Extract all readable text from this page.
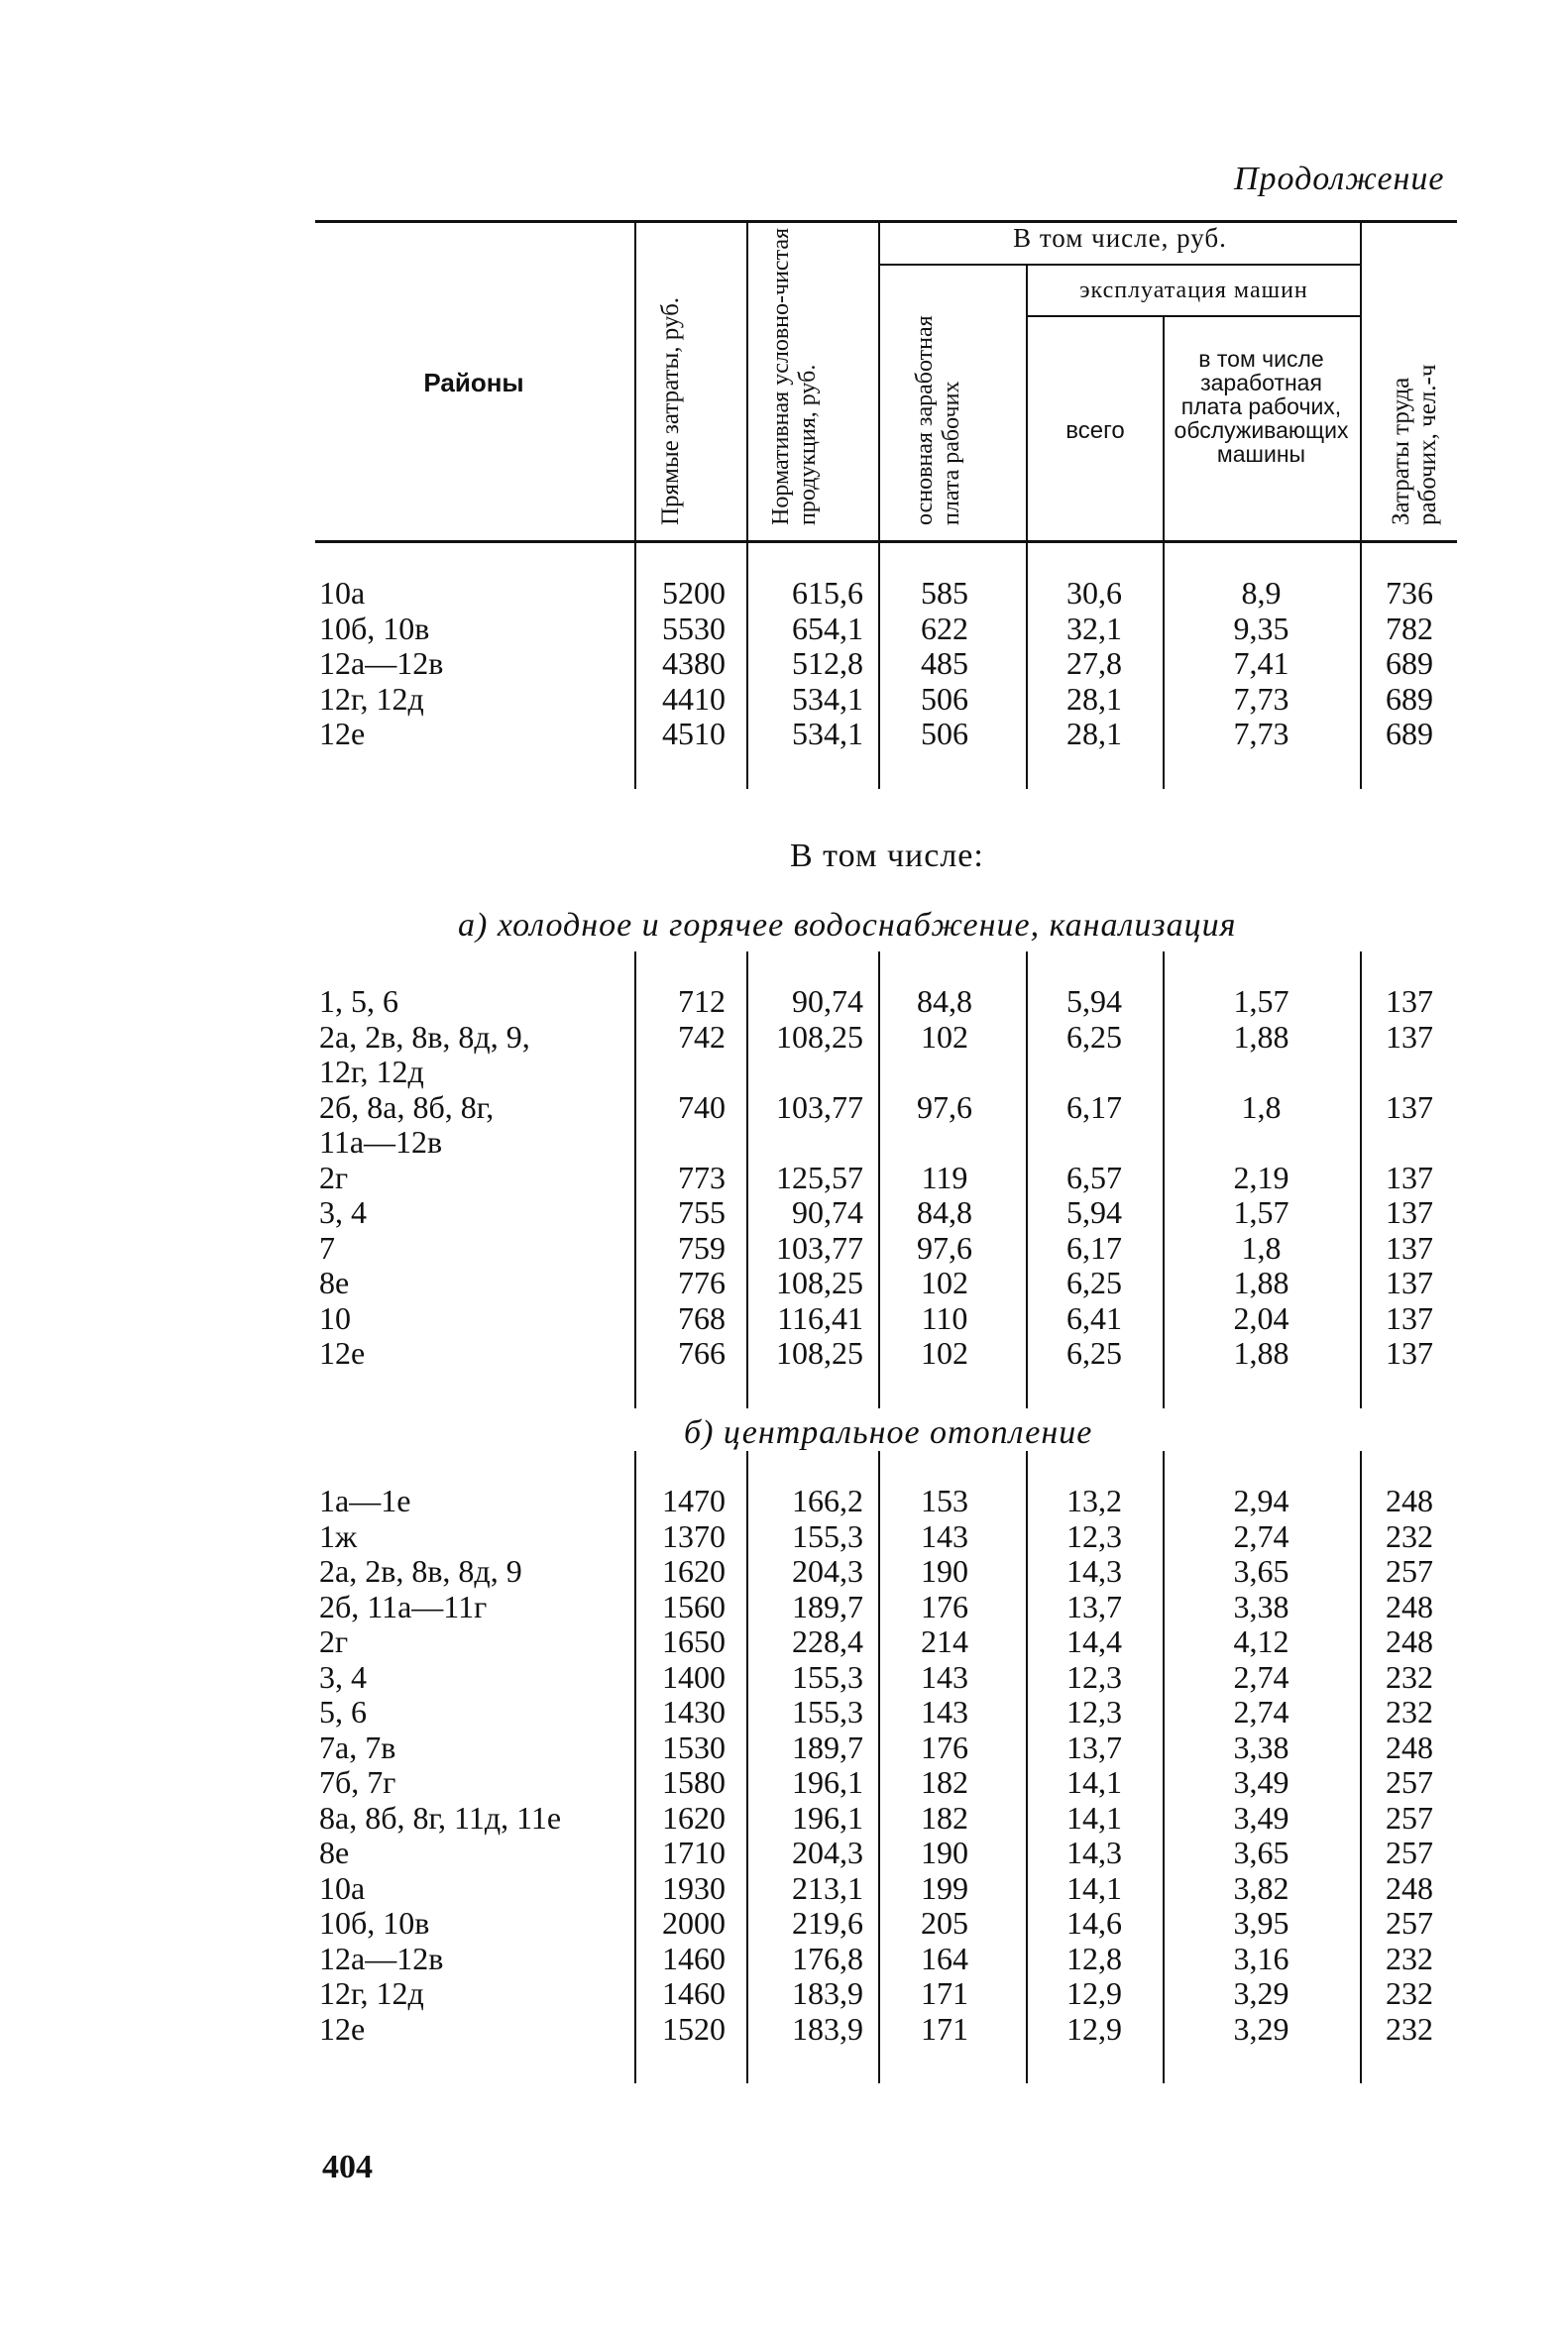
Продолжение
Районы	Прямые затраты, руб.	Нормативная условно-чистая продукция, руб.
В том числе, руб.
основная заработная плата рабочих
эксплуатация машин
всего
в том числе заработная плата рабочих, обслуживающих машины	Затраты труда рабочих, чел.-ч
В том числе:
а) холодное и горячее водоснабжение, канализация
б) центральное отопление
10а	5200	615,6	585	30,6	8,9	736
10б, 10в	5530	654,1	622	32,1	9,35	782
12а—12в	4380	512,8	485	27,8	7,41	689
12г, 12д	4410	534,1	506	28,1	7,73	689
12е	4510	534,1	506	28,1	7,73	689
1, 5, 6	712	90,74	84,8	5,94	1,57	137
2а, 2в, 8в, 8д, 9,	742	108,25	102	6,25	1,88	137
12г, 12д
2б, 8а, 8б, 8г,	740	103,77	97,6	6,17	1,8	137
11а—12в
2г	773	125,57	119	6,57	2,19	137
3, 4	755	90,74	84,8	5,94	1,57	137
7	759	103,77	97,6	6,17	1,8	137
8е	776	108,25	102	6,25	1,88	137
10	768	116,41	110	6,41	2,04	137
12е	766	108,25	102	6,25	1,88	137
1а—1е	1470	166,2	153	13,2	2,94	248
1ж	1370	155,3	143	12,3	2,74	232
2а, 2в, 8в, 8д, 9	1620	204,3	190	14,3	3,65	257
2б, 11а—11г	1560	189,7	176	13,7	3,38	248
2г	1650	228,4	214	14,4	4,12	248
3, 4	1400	155,3	143	12,3	2,74	232
5, 6	1430	155,3	143	12,3	2,74	232
7а, 7в	1530	189,7	176	13,7	3,38	248
7б, 7г	1580	196,1	182	14,1	3,49	257
8а, 8б, 8г, 11д, 11е	1620	196,1	182	14,1	3,49	257
8е	1710	204,3	190	14,3	3,65	257
10а	1930	213,1	199	14,1	3,82	248
10б, 10в	2000	219,6	205	14,6	3,95	257
12а—12в	1460	176,8	164	12,8	3,16	232
12г, 12д	1460	183,9	171	12,9	3,29	232
12е	1520	183,9	171	12,9	3,29	232
404
